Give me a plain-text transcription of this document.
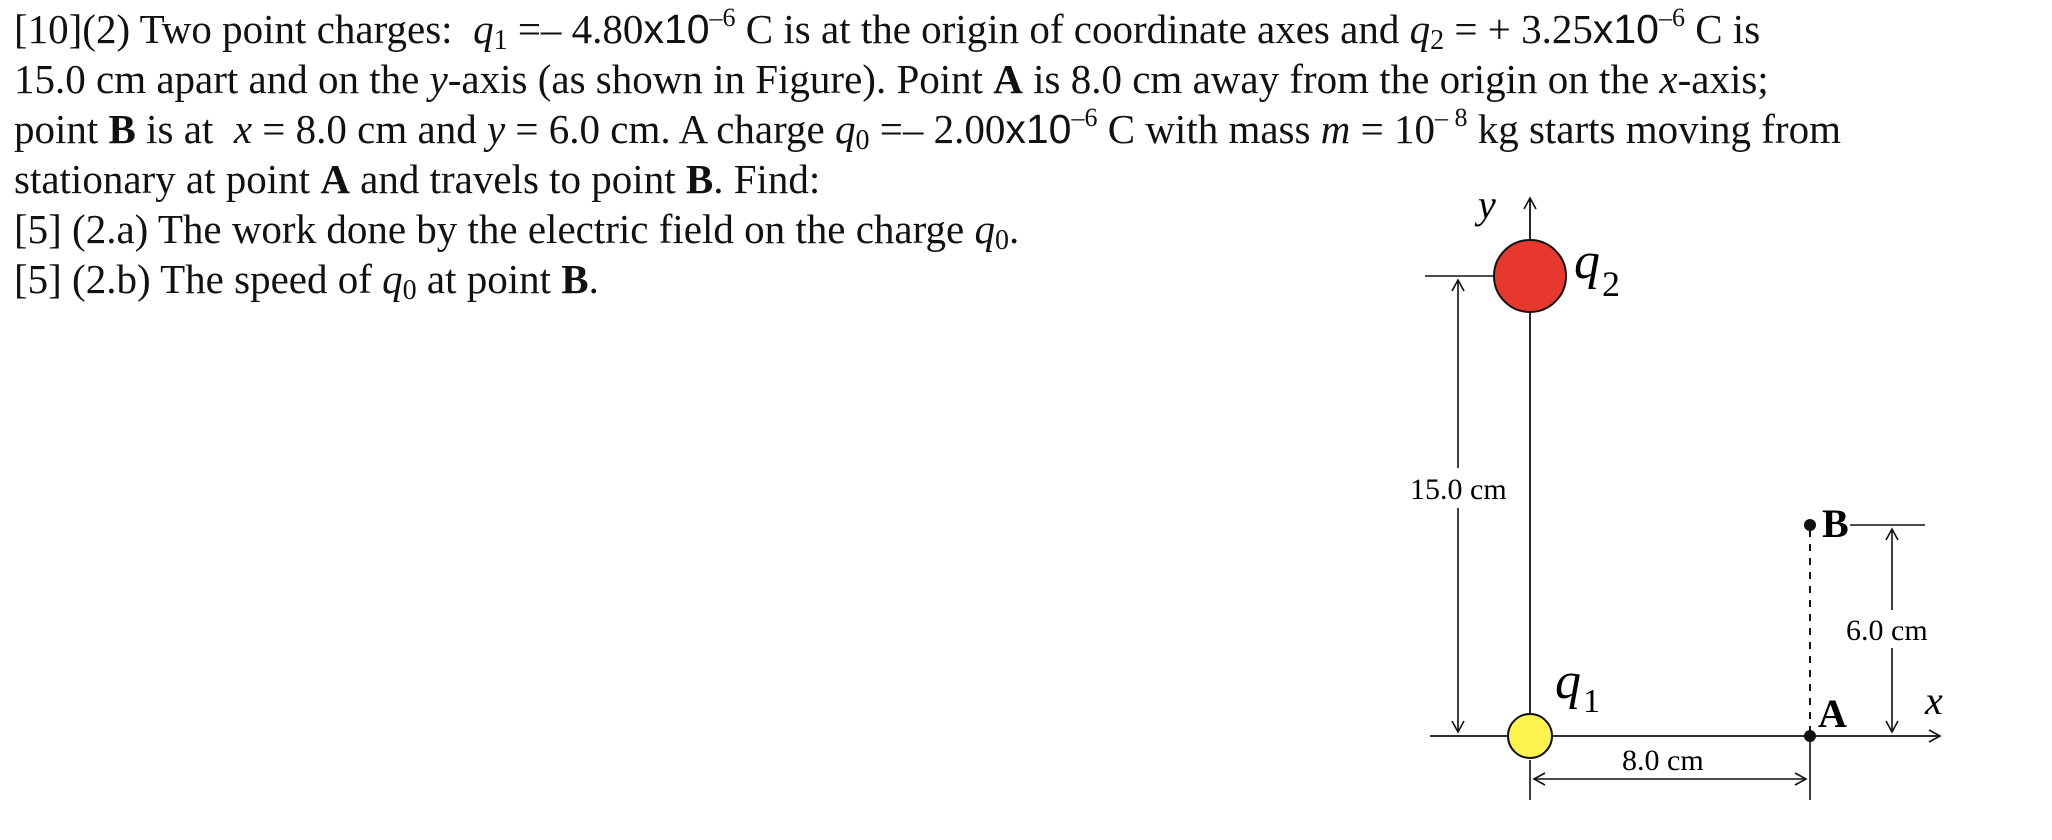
[10](2) Two point charges: $q_1 =- 4.80x10^{-6}$ C is at the origin of coordinate axes and $q_2$ = + $3.25x10^{-6}$ C is

15.0 cm apart and on the y-axis (as shown in Figure). Point A is 8.0 cm away from the origin on the x-axis;

point B is at  x = 8.0 cm and y = 6.0 cm. A charge $q_0 =- 2.00x10^{-6}$ C with mass $m = 10^{- 8}$ kg starts moving from

stationary at point A and travels to point B. Find:

[5] (2.a) The work done by the electric field on the charge $q_0$.

[5] (2.b) The speed of $q_0$ at point B.

15.0 cm
6.0 cm
8.0 cm
y
x
q 2
q 1
B
A
